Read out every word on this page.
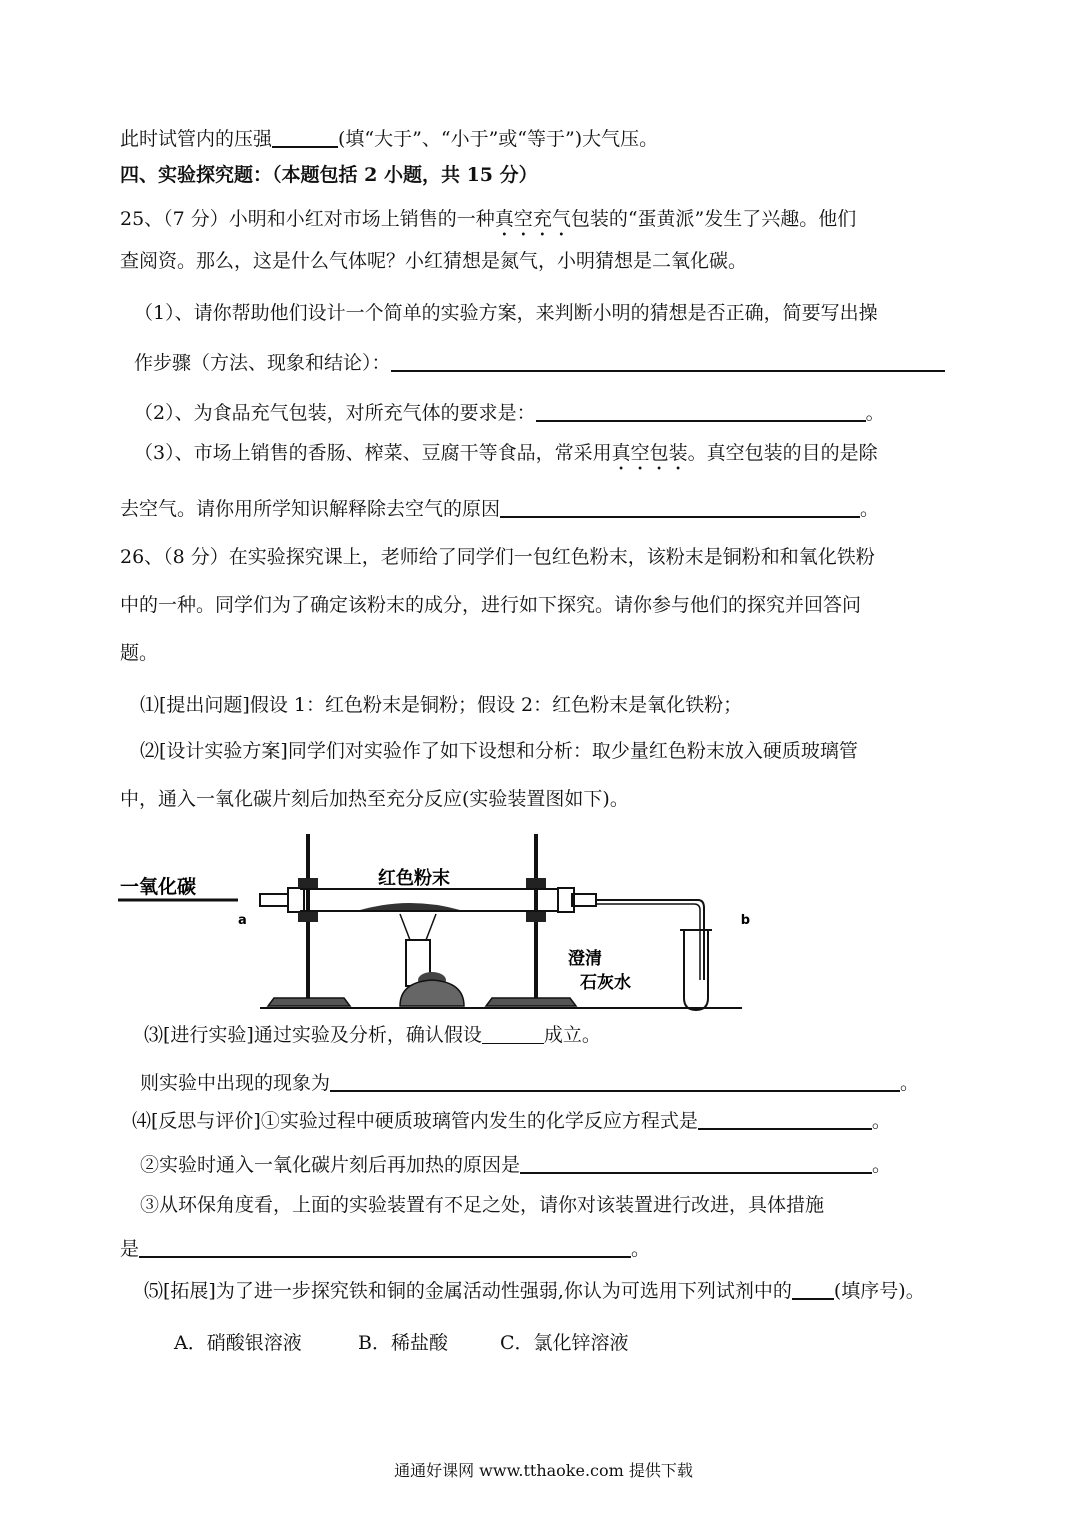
此时试管内的压强	(填“大于”、“小于”或“等于”)大气压。
四、实验探究题：（本题包括 2 小题，共 15 分）
25、（7 分）小明和小红对市场上销售的一种真空充气包装的“蛋黄派”发生了兴趣。他们
查阅资。那么，这是什么气体呢？小红猜想是氮气，小明猜想是二氧化碳。
（1）、请你帮助他们设计一个简单的实验方案，来判断小明的猜想是否正确，简要写出操
作步骤（方法、现象和结论）：
（2）、为食品充气包装，对所充气体的要求是：	。
（3）、市场上销售的香肠、榨菜、豆腐干等食品，常采用真空包装。真空包装的目的是除
去空气。请你用所学知识解释除去空气的原因	。
26、（8 分）在实验探究课上，老师给了同学们一包红色粉末，该粉末是铜粉和和氧化铁粉
中的一种。同学们为了确定该粉末的成分，进行如下探究。请你参与他们的探究并回答问
题。
⑴[提出问题]假设 1：红色粉末是铜粉；假设 2：红色粉末是氧化铁粉；
⑵[设计实验方案]同学们对实验作了如下设想和分析：取少量红色粉末放入硬质玻璃管
中，通入一氧化碳片刻后加热至充分反应(实验装置图如下)。
一氧化碳
a
红色粉末
b
澄清
石灰水
⑶[进行实验]通过实验及分析，确认假设	成立。
则实验中出现的现象为	。
⑷[反思与评价]①实验过程中硬质玻璃管内发生的化学反应方程式是	。
②实验时通入一氧化碳片刻后再加热的原因是	。
③从环保角度看，上面的实验装置有不足之处，请你对该装置进行改进，具体措施
是	。
⑸[拓展]为了进一步探究铁和铜的金属活动性强弱,你认为可选用下列试剂中的 (填序号)。
A．硝酸银溶液	B．稀盐酸	C．氯化锌溶液
通通好课网 www.tthaoke.com 提供下载
